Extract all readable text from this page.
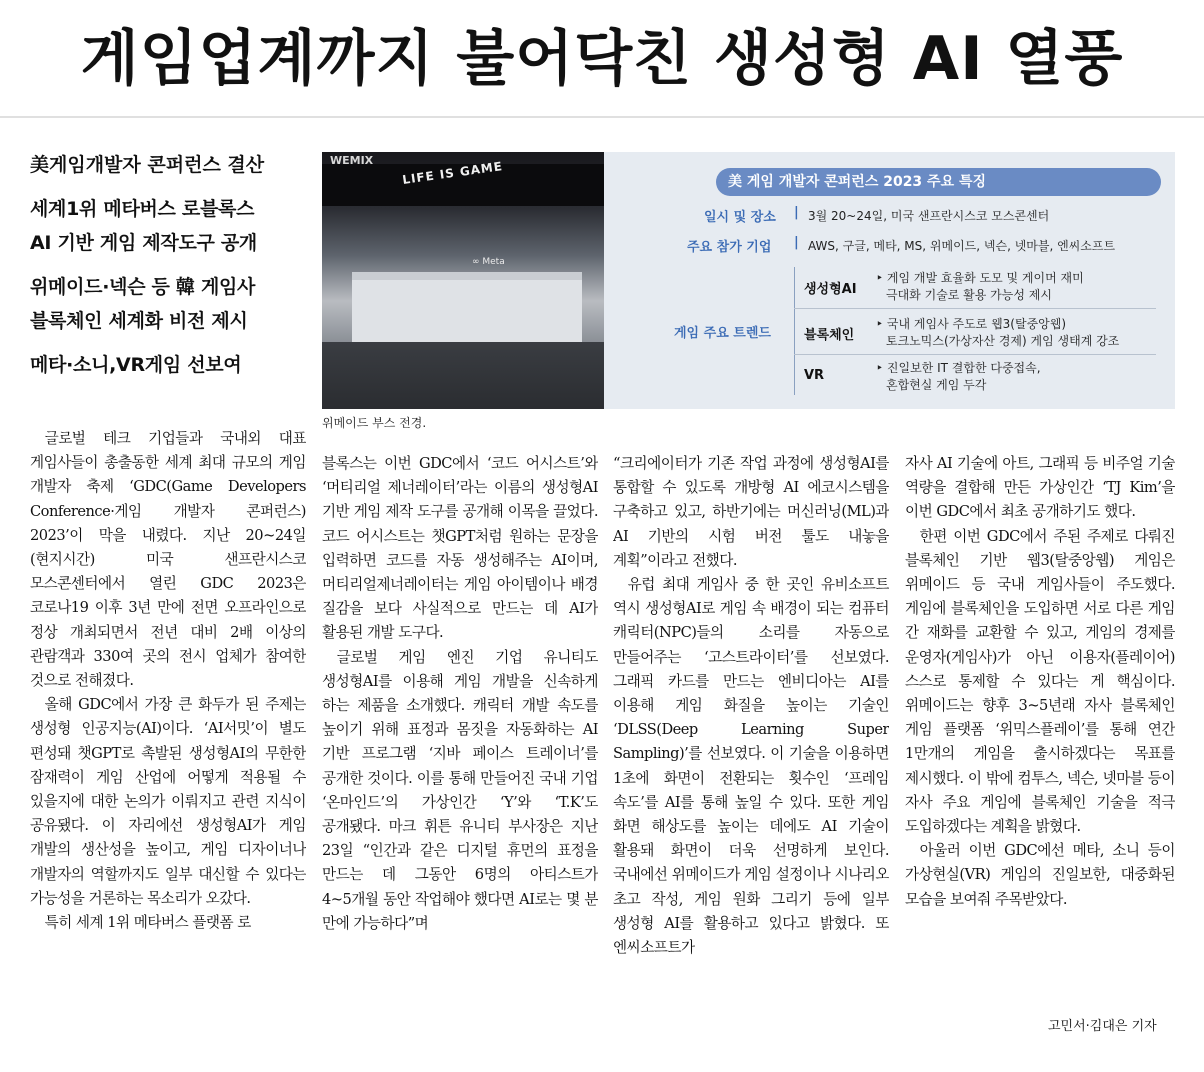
게임업계까지 불어닥친 생성형 AI 열풍
美게임개발자 콘퍼런스 결산
세계1위 메타버스 로블록스
AI 기반 게임 제작도구 공개
위메이드·넥슨 등 韓 게임사
블록체인 세계화 비전 제시
메타·소니,VR게임 선보여
WEMIX LIFE IS GAME
∞ Meta
美 게임 개발자 콘퍼런스 2023 주요 특징
일시 및 장소 | 3월 20~24일, 미국 샌프란시스코 모스콘센터
주요 참가 기업 | AWS, 구글, 메타, MS, 위메이드, 넥슨, 넷마블, 엔씨소프트
게임 주요 트렌드
생성형AI
‣ 게임 개발 효율화 도모 및 게이머 재미
극대화 기술로 활용 가능성 제시
블록체인
‣ 국내 게임사 주도로 웹3(탈중앙웹)
토크노믹스(가상자산 경제) 게임 생태계 강조
VR	‣ 진일보한 IT 결합한 다중접속,
혼합현실 게임 두각
위메이드 부스 전경.

글로벌 테크 기업들과 국내외 대표 게임사들이 총출동한 세계 최대 규모의 게임 개발자 축제 ‘GDC(Game Developers Conference·게임 개발자 콘퍼런스) 2023’이 막을 내렸다. 지난 20~24일(현지시간) 미국 샌프란시스코 모스콘센터에서 열린 GDC 2023은 코로나19 이후 3년 만에 전면 오프라인으로 정상 개최되면서 전년 대비 2배 이상의 관람객과 330여 곳의 전시 업체가 참여한 것으로 전해졌다.

올해 GDC에서 가장 큰 화두가 된 주제는 생성형 인공지능(AI)이다. ‘AI서밋’이 별도 편성돼 챗GPT로 촉발된 생성형AI의 무한한 잠재력이 게임 산업에 어떻게 적용될 수 있을지에 대한 논의가 이뤄지고 관련 지식이 공유됐다. 이 자리에선 생성형AI가 게임 개발의 생산성을 높이고, 게임 디자이너나 개발자의 역할까지도 일부 대신할 수 있다는 가능성을 거론하는 목소리가 오갔다.

특히 세계 1위 메타버스 플랫폼 로

블록스는 이번 GDC에서 ‘코드 어시스트’와 ‘머티리얼 제너레이터’라는 이름의 생성형AI 기반 게임 제작 도구를 공개해 이목을 끌었다. 코드 어시스트는 챗GPT처럼 원하는 문장을 입력하면 코드를 자동 생성해주는 AI이며, 머티리얼제너레이터는 게임 아이템이나 배경 질감을 보다 사실적으로 만드는 데 AI가 활용된 개발 도구다.

글로벌 게임 엔진 기업 유니티도 생성형AI를 이용해 게임 개발을 신속하게 하는 제품을 소개했다. 캐릭터 개발 속도를 높이기 위해 표정과 몸짓을 자동화하는 AI 기반 프로그램 ‘지바 페이스 트레이너’를 공개한 것이다. 이를 통해 만들어진 국내 기업 ‘온마인드’의 가상인간 ‘Y’와 ‘T.K’도 공개됐다. 마크 휘튼 유니티 부사장은 지난 23일 “인간과 같은 디지털 휴먼의 표정을 만드는 데 그동안 6명의 아티스트가 4~5개월 동안 작업해야 했다면 AI로는 몇 분 만에 가능하다”며

“크리에이터가 기존 작업 과정에 생성형AI를 통합할 수 있도록 개방형 AI 에코시스템을 구축하고 있고, 하반기에는 머신러닝(ML)과 AI 기반의 시험 버전 툴도 내놓을 계획”이라고 전했다.

유럽 최대 게임사 중 한 곳인 유비소프트 역시 생성형AI로 게임 속 배경이 되는 컴퓨터 캐릭터(NPC)들의 소리를 자동으로 만들어주는 ‘고스트라이터’를 선보였다. 그래픽 카드를 만드는 엔비디아는 AI를 이용해 게임 화질을 높이는 기술인 ‘DLSS(Deep Learning Super Sampling)’를 선보였다. 이 기술을 이용하면 1초에 화면이 전환되는 횟수인 ‘프레임 속도’를 AI를 통해 높일 수 있다. 또한 게임 화면 해상도를 높이는 데에도 AI 기술이 활용돼 화면이 더욱 선명하게 보인다. 국내에선 위메이드가 게임 설정이나 시나리오 초고 작성, 게임 원화 그리기 등에 일부 생성형 AI를 활용하고 있다고 밝혔다. 또 엔씨소프트가

자사 AI 기술에 아트, 그래픽 등 비주얼 기술 역량을 결합해 만든 가상인간 ‘TJ Kim’을 이번 GDC에서 최초 공개하기도 했다.

한편 이번 GDC에서 주된 주제로 다뤄진 블록체인 기반 웹3(탈중앙웹) 게임은 위메이드 등 국내 게임사들이 주도했다. 게임에 블록체인을 도입하면 서로 다른 게임 간 재화를 교환할 수 있고, 게임의 경제를 운영자(게임사)가 아닌 이용자(플레이어) 스스로 통제할 수 있다는 게 핵심이다. 위메이드는 향후 3~5년래 자사 블록체인 게임 플랫폼 ‘위믹스플레이’를 통해 연간 1만개의 게임을 출시하겠다는 목표를 제시했다. 이 밖에 컴투스, 넥슨, 넷마블 등이 자사 주요 게임에 블록체인 기술을 적극 도입하겠다는 계획을 밝혔다.

아울러 이번 GDC에선 메타, 소니 등이 가상현실(VR) 게임의 진일보한, 대중화된 모습을 보여줘 주목받았다.

고민서·김대은 기자
